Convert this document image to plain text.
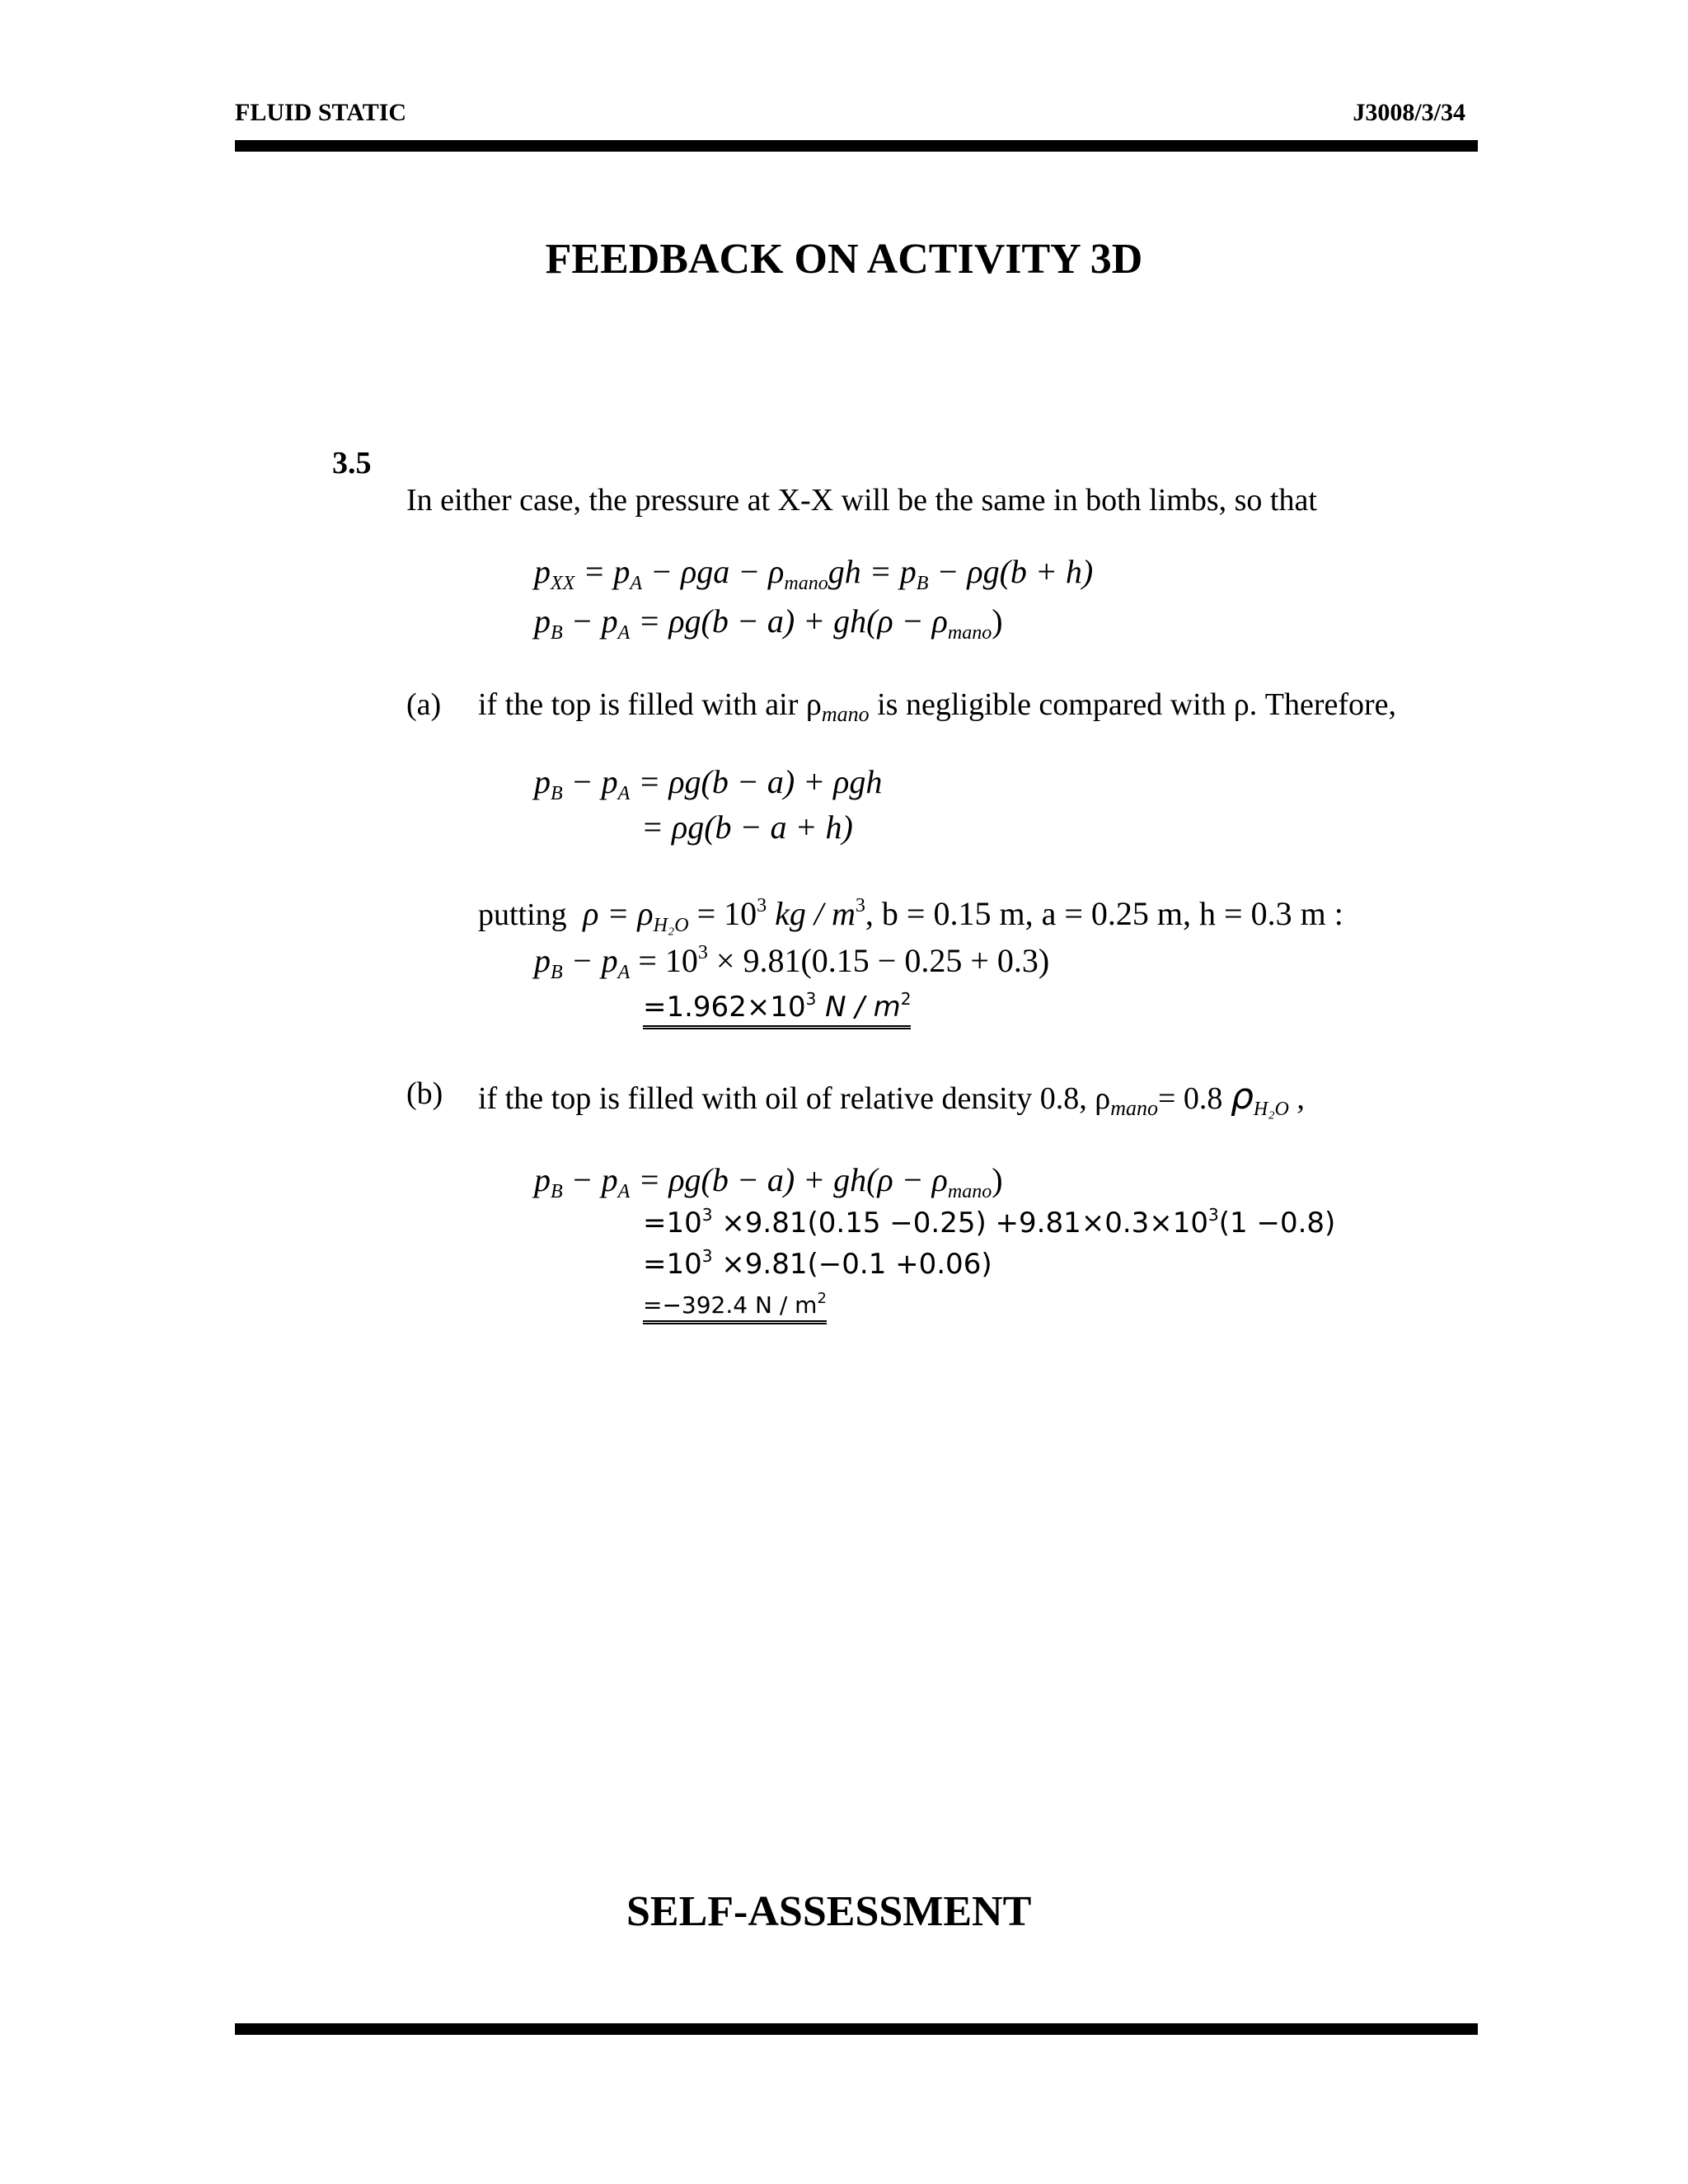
FLUID STATIC	J3008/3/34
FEEDBACK ON ACTIVITY 3D
3.5
In either case, the pressure at X-X will be the same in both limbs, so that
$p_{XX} = p_A - \rho ga - \rho_{mano}gh = p_B - \rho g(b + h)$
$p_B - p_A = \rho g(b - a) + gh(\rho - \rho_{mano})$
(a) if the top is filled with air $\rho_{mano}$ is negligible compared with ρ. Therefore,
$p_B - p_A = \rho g(b - a) + \rho gh$
= ρg(b − a + h)
putting $\rho = \rho_{H_2O} = 10^3$ kg / $m^3$, b = 0.15 m, a = 0.25 m, h = 0.3 m :
$p_B - p_A = 10^3 \times 9.81(0.15 - 0.25 + 0.3)$
$=1.962\times 10^3$ N / $m^2$
(b) if the top is filled with oil of relative density 0.8, $\rho_{mano}= 0.8$ $\rho_{H_2O}$ ,
$p_B - p_A = \rho g(b - a) + gh(\rho - \rho_{mano})$
$=10^3 \times 9.81(0.15 -0.25) +9.81\times 0.3\times 10^3(1 -0.8)$
$=10^3 \times 9.81(-0.1 +0.06)$
=−392.4 N / $m^2$
SELF-ASSESSMENT
